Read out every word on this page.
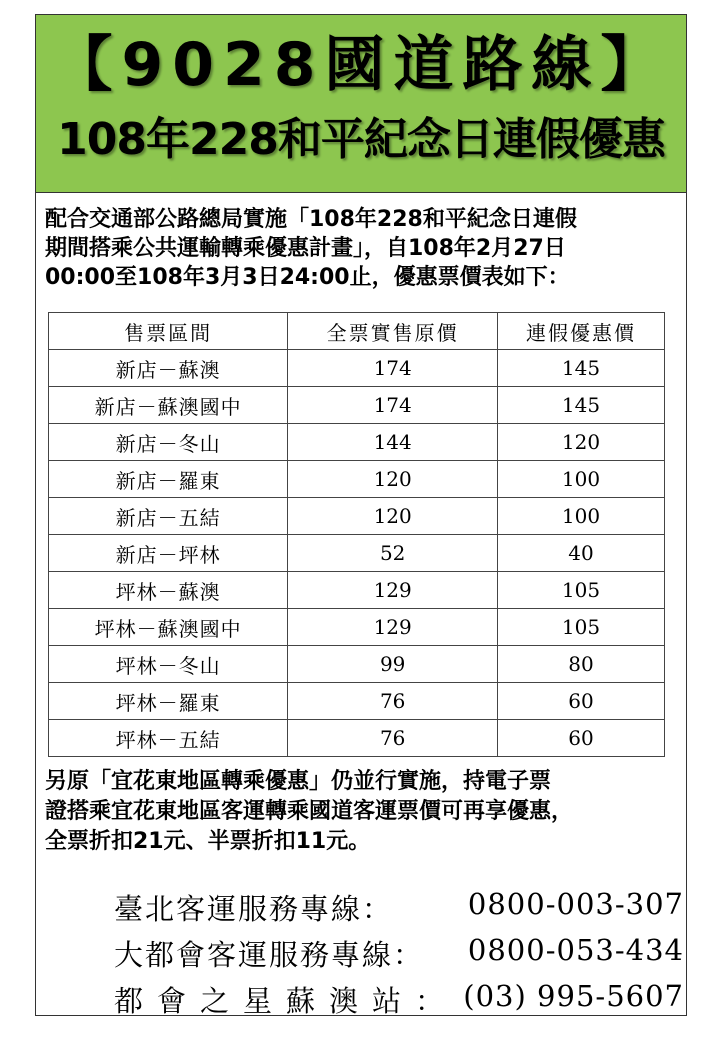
【9028國道路線】
108年228和平紀念日連假優惠

配合交通部公路總局實施「108年228和平紀念日連假
期間搭乘公共運輸轉乘優惠計畫」，自108年2月27日
00:00至108年3月3日24:00止，優惠票價表如下：

售票區間	全票實售原價	連假優惠價
新店－蘇澳	174	145
新店－蘇澳國中	174	145
新店－冬山	144	120
新店－羅東	120	100
新店－五結	120	100
新店－坪林	52	40
坪林－蘇澳	129	105
坪林－蘇澳國中	129	105
坪林－冬山	99	80
坪林－羅東	76	60
坪林－五結	76	60

另原「宜花東地區轉乘優惠」仍並行實施，持電子票
證搭乘宜花東地區客運轉乘國道客運票價可再享優惠，
全票折扣21元、半票折扣11元。

臺北客運服務專線：	0800-003-307
大都會客運服務專線： 0800-053-434
都會之星蘇澳站： (03) 995-5607
